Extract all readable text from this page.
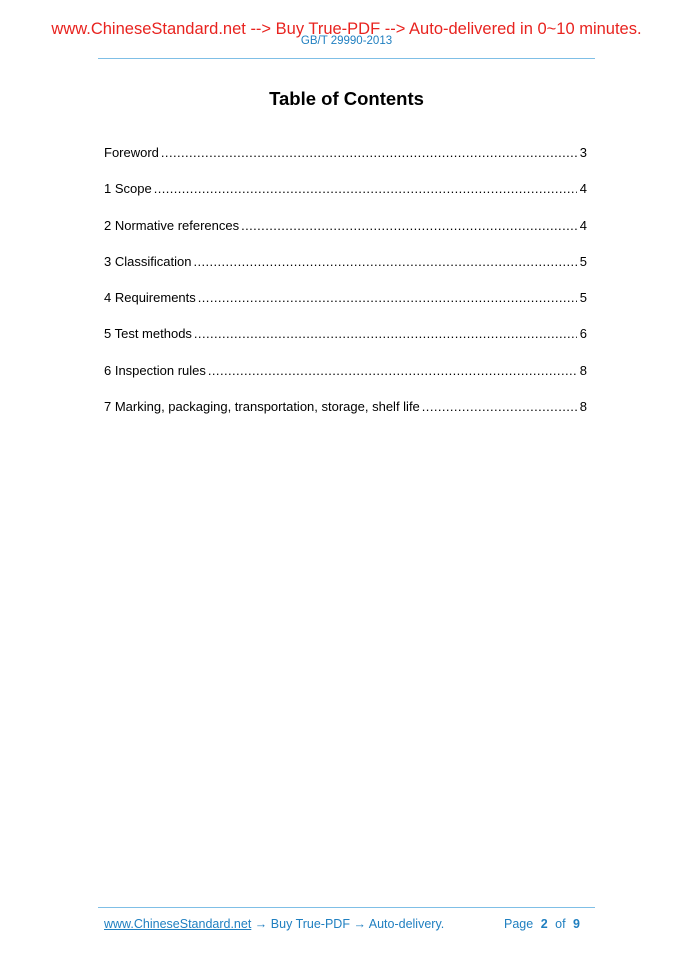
www.ChineseStandard.net --> Buy True-PDF --> Auto-delivered in 0~10 minutes.
GB/T 29990-2013
Table of Contents
Foreword .....	3
1 Scope .....	4
2 Normative references .....	4
3 Classification .....	5
4 Requirements .....	5
5 Test methods .....	6
6 Inspection rules .....	8
7 Marking, packaging, transportation, storage, shelf life .....	8
www.ChineseStandard.net → Buy True-PDF → Auto-delivery.	Page 2 of 9
